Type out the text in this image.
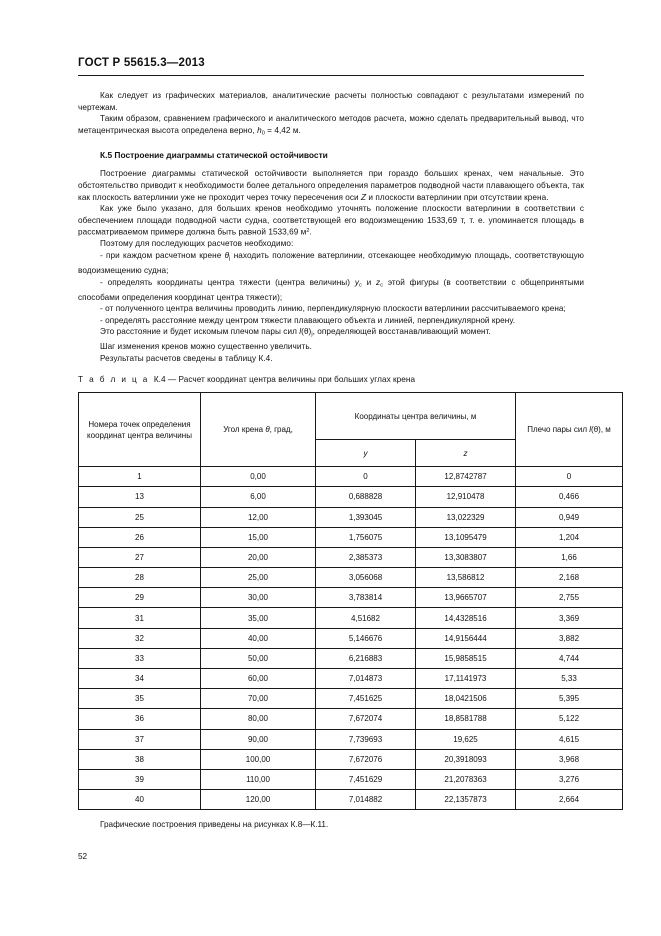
ГОСТ Р 55615.3—2013

Как следует из графических материалов, аналитические расчеты полностью совпадают с результатами измерений по чертежам.

Таким образом, сравнением графического и аналитического методов расчета, можно сделать предварительный вывод, что метацентрическая высота определена верно, $h_0 = 4,42$ м.

К.5 Построение диаграммы статической остойчивости

Построение диаграммы статической остойчивости выполняется при гораздо больших кренах, чем начальные. Это обстоятельство приводит к необходимости более детального определения параметров подводной части плавающего объекта, так как плоскость ватерлинии уже не проходит через точку пересечения оси Z и плоскости ватерлинии при отсутствии крена.

Как уже было указано, для больших кренов необходимо уточнять положение плоскости ватерлинии в соответствии с обеспечением площади подводной части судна, соответствующей его водоизмещению 1533,69 т, т. е. упоминается площадь в рассматриваемом примере должна быть равной 1533,69 $м^2$.

Поэтому для последующих расчетов необходимо:

- при каждом расчетном крене $\theta_j$ находить положение ватерлинии, отсекающее необходимую площадь, соответствующую водоизмещению судна;

- определять координаты центра тяжести (центра величины) $y_c$ и $z_c$ этой фигуры (в соответствии с общепринятыми способами определения координат центра тяжести);

- от полученного центра величины проводить линию, перпендикулярную плоскости ватерлинии рассчитываемого крена;

- определять расстояние между центром тяжести плавающего объекта и линией, перпендикулярной крену.

Это расстояние и будет искомым плечом пары сил $l(\theta)_j$, определяющей восстанавливающий момент.

Шаг изменения кренов можно существенно увеличить.

Результаты расчетов сведены в таблицу К.4.

Т а б л и ц а К.4 — Расчет координат центра величины при больших углах крена

Номера точек определения координат центра величины	Угол крена θ, град,	Координаты центра величины, м		Плечо пары сил l(θ), м
		y	z	
1	0,00	0	12,8742787	0
13	6,00	0,688828	12,910478	0,466
25	12,00	1,393045	13,022329	0,949
26	15,00	1,756075	13,1095479	1,204
27	20,00	2,385373	13,3083807	1,66
28	25,00	3,056068	13,586812	2,168
29	30,00	3,783814	13,9665707	2,755
31	35,00	4,51682	14,4328516	3,369
32	40,00	5,146676	14,9156444	3,882
33	50,00	6,216883	15,9858515	4,744
34	60,00	7,014873	17,1141973	5,33
35	70,00	7,451625	18,0421506	5,395
36	80,00	7,672074	18,8581788	5,122
37	90,00	7,739693	19,625	4,615
38	100,00	7,672076	20,3918093	3,968
39	110,00	7,451629	21,2078363	3,276
40	120,00	7,014882	22,1357873	2,664

Графические построения приведены на рисунках К.8—К.11.

52
